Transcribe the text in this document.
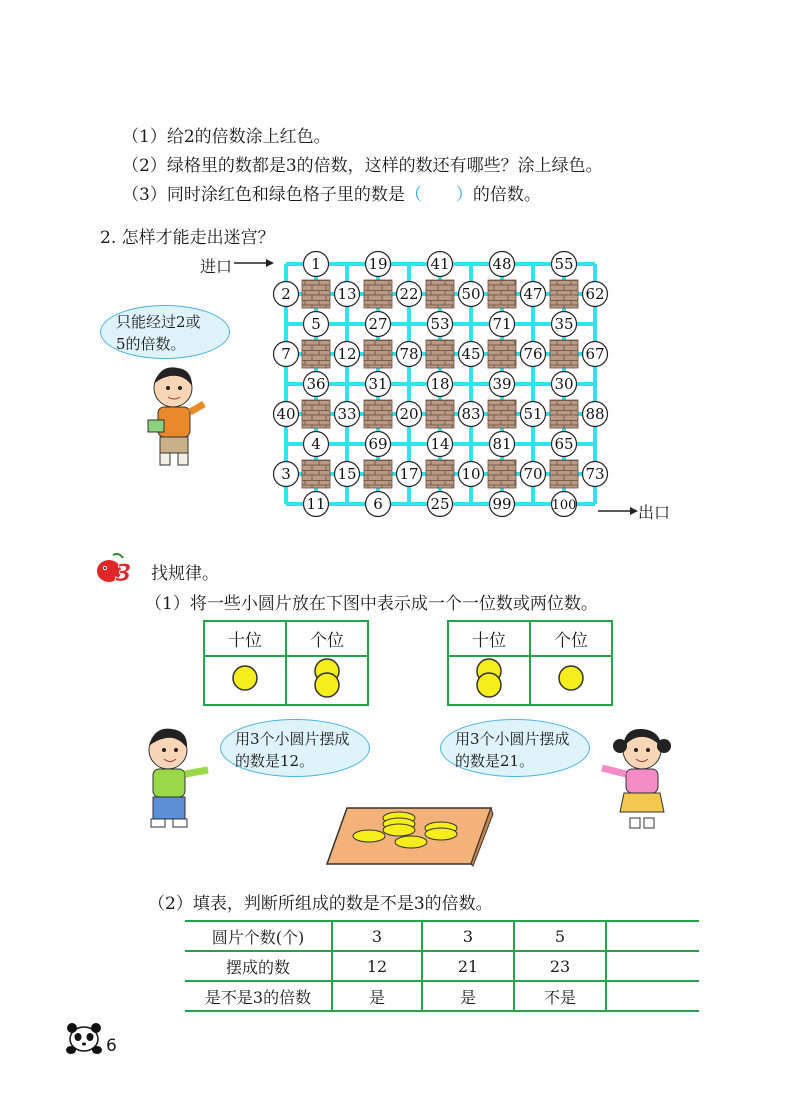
（1）给2的倍数涂上红色。
（2）绿格里的数都是3的倍数，这样的数还有哪些？涂上绿色。
（3）同时涂红色和绿色格子里的数是（　　）的倍数。
2. 怎样才能走出迷宫？
进口
出口
1	19	41	48	55
2	13	22	50	47	62
5	27	53	71	35
7	12	78	45	76	67
36	31	18	39	30
40	33	20	83	51	88
4	69	14	81	65
3	15	17	10	70	73
11	6	25	99	100
只能经过2或
5的倍数。
3 找规律。
（1）将一些小圆片放在下图中表示成一个一位数或两位数。
十位	个位
		十位	个位

用3个小圆片摆成
的数是12。
用3个小圆片摆成
的数是21。
（2）填表，判断所组成的数是不是3的倍数。
圆片个数(个)	3	3	5	
摆成的数	12	21	23	
是不是3的倍数	是	是	不是	
6
